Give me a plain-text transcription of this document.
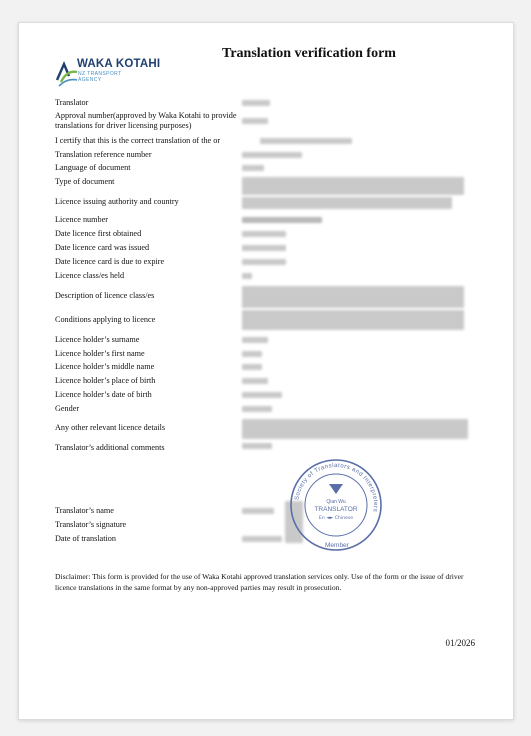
WAKA KOTAHI
NZ TRANSPORT
AGENCY
Translation verification form
Translator
Approval number(approved by Waka Kotahi to provide translations for driver licensing purposes)
I certify that this is the correct translation of the or
Translation reference number
Language of document
Type of document
Licence issuing authority and country
Licence number
Date licence first obtained
Date licence card was issued
Date licence card is due to expire
Licence class/es held
Description of licence class/es
Conditions applying to licence
Licence holder’s surname
Licence holder’s first name
Licence holder’s middle name
Licence holder’s place of birth
Licence holder’s date of birth
Gender
Any other relevant licence details
Translator’s additional comments
Translator’s name
Translator’s signature
Date of translation
Society of Translators and Interpreters
Member
Qian Wu
TRANSLATOR
En ◄► Chinese
Disclaimer: This form is provided for the use of Waka Kotahi approved translation services only. Use of the form or the issue of driver licence translations in the same format by any non-approved parties may result in prosecution.
01/2026
